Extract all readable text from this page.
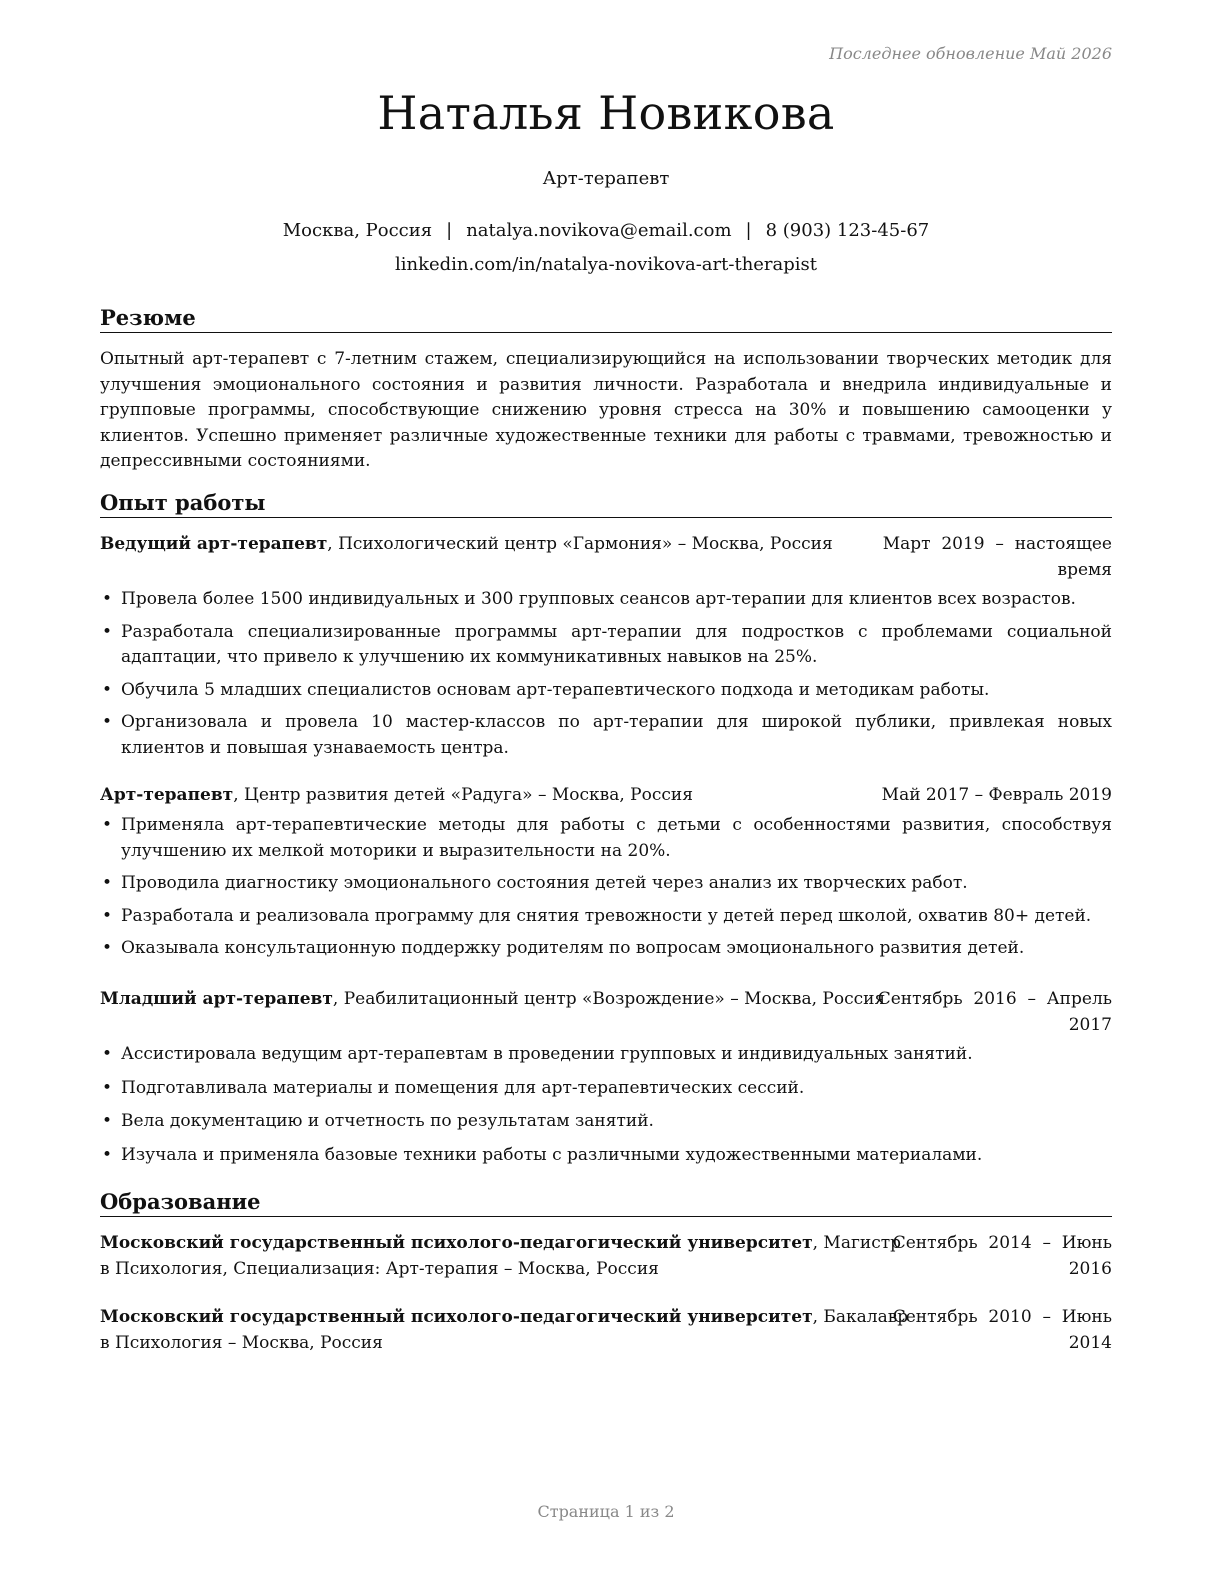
Последнее обновление Май 2026
Наталья Новикова
Арт-терапевт
Москва, Россия | natalya.novikova@email.com | 8 (903) 123-45-67
linkedin.com/in/natalya-novikova-art-therapist
Резюме
Опытный арт-терапевт с 7-летним стажем, специализирующийся на использовании творческих методик для улучшения эмоционального состояния и развития личности. Разработала и внедрила индивидуальные и групповые программы, способствующие снижению уровня стресса на 30% и повышению самооценки у клиентов. Успешно применяет различные художественные техники для работы с травмами, тревожностью и депрессивными состояниями.
Опыт работы
Ведущий арт-терапевт, Психологический центр «Гармония» – Москва, Россия	Март  2019  –  настоящее
время
• Провела более 1500 индивидуальных и 300 групповых сеансов арт-терапии для клиентов всех возрастов.
• Разработала специализированные программы арт-терапии для подростков с проблемами социальной адаптации, что привело к улучшению их коммуникативных навыков на 25%.
• Обучила 5 младших специалистов основам арт-терапевтического подхода и методикам работы.
• Организовала и провела 10 мастер-классов по арт-терапии для широкой публики, привлекая новых клиентов и повышая узнаваемость центра.
Арт-терапевт, Центр развития детей «Радуга» – Москва, Россия	Май 2017 – Февраль 2019
• Применяла арт-терапевтические методы для работы с детьми с особенностями развития, способствуя улучшению их мелкой моторики и выразительности на 20%.
• Проводила диагностику эмоционального состояния детей через анализ их творческих работ.
• Разработала и реализовала программу для снятия тревожности у детей перед школой, охватив 80+ детей.
• Оказывала консультационную поддержку родителям по вопросам эмоционального развития детей.
Младший арт-терапевт, Реабилитационный центр «Возрождение» – Москва, Россия
Сентябрь  2016  –  Апрель
2017
• Ассистировала ведущим арт-терапевтам в проведении групповых и индивидуальных занятий.
• Подготавливала материалы и помещения для арт-терапевтических сессий.
• Вела документацию и отчетность по результатам занятий.
• Изучала и применяла базовые техники работы с различными художественными материалами.
Образование
Московский государственный психолого-педагогический университет, Магистр
в Психология, Специализация: Арт-терапия – Москва, Россия
Сентябрь  2014  –  Июнь
2016
Московский государственный психолого-педагогический университет, Бакалавр
в Психология – Москва, Россия
Сентябрь  2010  –  Июнь
2014
Страница 1 из 2
